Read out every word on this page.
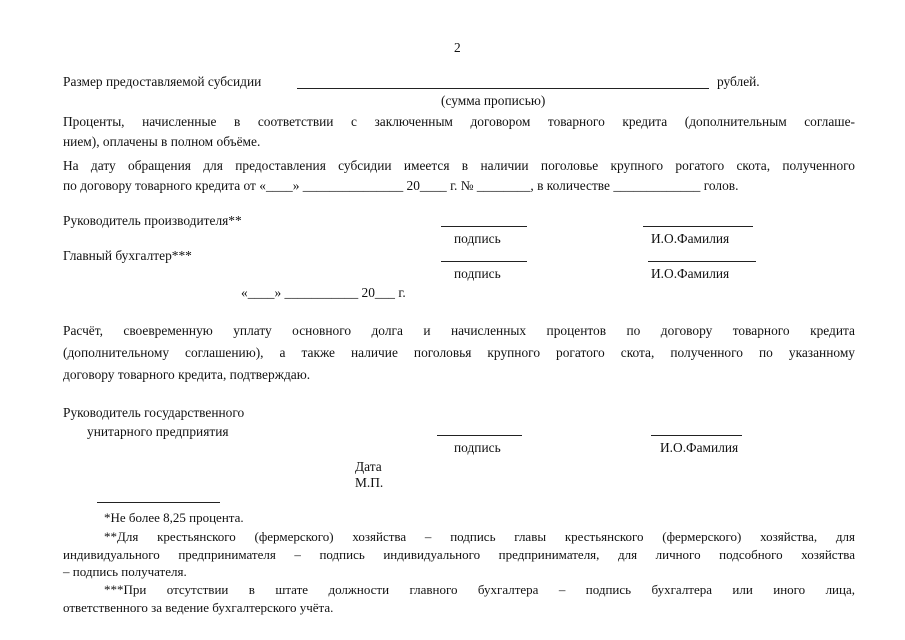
2
Размер предоставляемой субсидии	рублей.
(сумма прописью)
Проценты, начисленные в соответствии с заключенным договором товарного кредита (дополнительным соглаше-
нием), оплачены в полном объёме.
На дату обращения для предоставления субсидии имеется в наличии поголовье крупного рогатого скота, полученного
по договору товарного кредита от «____» _______________ 20____ г. № ________, в количестве _____________ голов.
Руководитель производителя**
подпись	И.О.Фамилия
Главный бухгалтер***
подпись	И.О.Фамилия
«____» ___________ 20___ г.
Расчёт, своевременную уплату основного долга и начисленных процентов по договору товарного кредита
(дополнительному соглашению), а также наличие поголовья крупного рогатого скота, полученного по указанному
договору товарного кредита, подтверждаю.
Руководитель государственного
унитарного предприятия
подпись	И.О.Фамилия
Дата
М.П.
*Не более 8,25 процента.
**Для крестьянского (фермерского) хозяйства – подпись главы крестьянского (фермерского) хозяйства, для
индивидуального предпринимателя – подпись индивидуального предпринимателя, для личного подсобного хозяйства
– подпись получателя.
***При отсутствии в штате должности главного бухгалтера – подпись бухгалтера или иного лица,
ответственного за ведение бухгалтерского учёта.
